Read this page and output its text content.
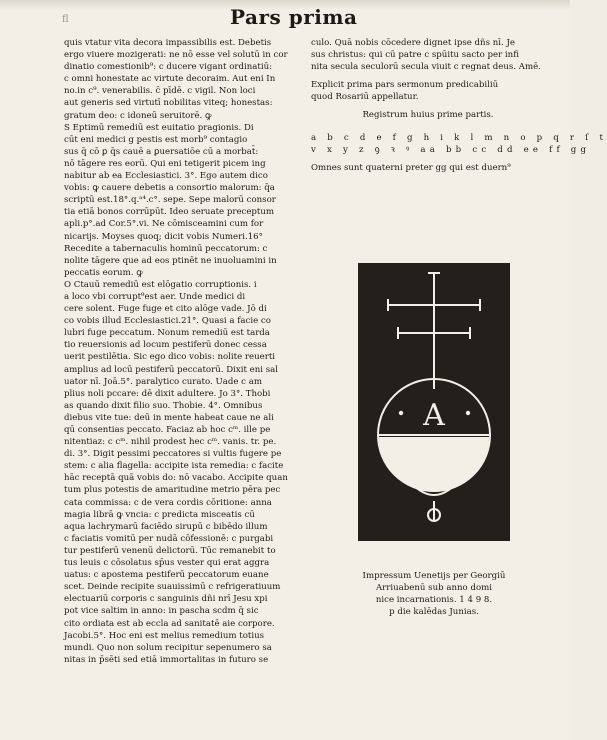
fl	Pars prima
quis vtatur vita decora impassibilis est. Debetis
ergo viuere mozigerati: ne nō esse vel solutū in cor
dinatio comestionib⁹: c ducere vigant ordinatiū:
c omni honestate ac virtute decoraim. Aut eni In
no.in c⁹. venerabilis. c̄ pīdē. c vigil. Non loci
aut generis sed virtutī nobilitas viteq; honestas:
gratum deo: c idoneū seruitorē. ꝙ
S Eptimū remediū est euitatio pragionis. Di
cūt eni medici g pestis est morb⁹ contagio
sus q̄ cō ꝑ q̄s cauē a ꝑuersatiōe cū a morbat̄:
nō tāgere res eorū. Qui eni tetigerit picem ing
nabitur ab ea Ecclesiastici. 3°. Ego autem dico
vobis: ꝙ cauere debetis a consortio malorum: q̄a
scriptū est.18°.q.ᵃ⁴.c°. sepe. Sepe malorū consor
tia etiā bonos corrūpūt. Ideo seruate preceptum
apli.p°.ad Cor.5°.vi. Ne cōmisceamini cum for
nicarijs. Moyses quoq; dicit vobis Numeri.16°
Recedite a tabernaculis hominū peccatorum: c
nolite tāgere que ad eos ptinēt ne inuoluamini in
peccatis eorum. ꝙ
O Ctauū remediū est elōgatio corruptionis. i
a loco vbi corrupt⁹est aer. Unde medici di
cere solent. Fuge fuge et cito alōge vade. Jō di
co vobis illud Ecclesiastici.21°. Quasi a facie co
lubri fuge peccatum. Nonum remediū est tarda
tio reuersionis ad locum pestiferū donec cessa
uerit pestilētia. Sic ego dico vobis: nolite reuerti
amplius ad locū pestiferū peccatorū. Dixit eni sal
uator nī. Joā.5°. paralytico curato. Uade c am
plius noli pccare: dē dixit adultere. Jo 3°. Thobi
as quando dixit filio suo. Thobie. 4°. Omnibus
diebus vite tue: deū in mente habeat caue ne ali
qū consentias peccato. Faciaz ab hoc cᵐ. ille pe
nitentiaz: c cᵐ. nihil prodest hec cᵐ. vanis. tr. pe.
di. 3°. Digit pessimi peccatores si vultis fugere pe
stem: c alia flagella: accipite ista remedia: c facite
hāc receptā quā vobis do: nō vacabo. Accipite quan
tum plus potestis de amaritudine metrio pēra pec
cata commissa: c de vera cordis cōritione: anna
magia librā ꝙ vncia: c predicta misceatis cū
aqua lachrymarū faciēdo sirupū c bibēdo illum
c faciatis vomitū per nudā cōfessionē: c purgabi
tur pestiferū venenū delictorū. Tūc remanebit to
tus leuis c cōsolatus sp̄us vester qui erat aggra
uatus: c apostema pestiferū peccatorum euane
scet. Deinde recipite suauissimū c refrigeratiuum
electuariū corporis c sanguinis dñi nrī Jesu xpi
pot vice saltim in anno: in pascha scdm q̄ sic
cito ordiata est ab eccla ad sanitatē aie corpore.
Jacobi.5°. Hoc eni est melius remedium totius
mundi. Quo non solum recipitur sepenumero sa
nitas in p̄sēti sed etiā immortalitas in futuro se
culo. Quā nobis cōcedere dignet ipse dñs nī. Je
sus christus: qui cū patre c spūitu sacto per infi
nita secula seculorū secula viuit c regnat deus. Amē.
Explicit prima pars sermonum predicabiliū
quod Rosariū appellatur.
Registrum huius prime partis.
a b c d e f g h i k l m n o p q r ſ t
v x y z ꝯ ꝛ ꝰ aa bb cc dd ee ff gg
Omnes sunt quaterni preter gg qui est duern⁹
A
Impressum Uenetijs per Georgiū
Arriuabenū sub anno domi
nice incarnationis. 1 4 9 8.
p die kalēdas Junias.
